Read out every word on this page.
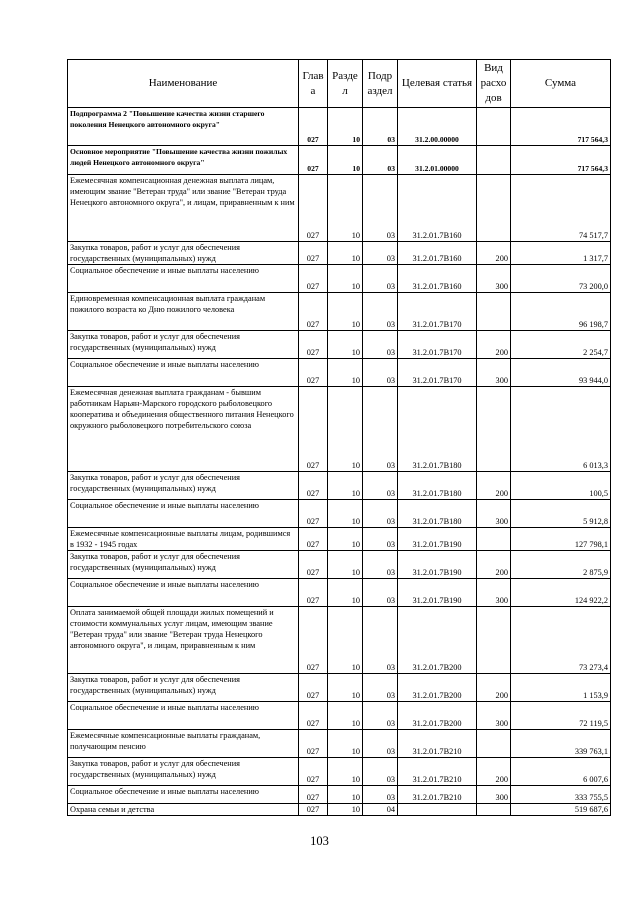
Наименование	Глав а	Разде л	Подр аздел	Целевая статья	Вид расхо дов	Сумма
Подпрограмма 2 "Повышение качества жизни старшего поколения Ненецкого автономного округа"	027	10	03	31.2.00.00000		717 564,3
Основное мероприятие "Повышение качества жизни пожилых людей Ненецкого автономного округа"	027	10	03	31.2.01.00000		717 564,3
Ежемесячная компенсационная денежная выплата лицам, имеющим звание "Ветеран труда" или звание "Ветеран труда Ненецкого автономного округа", и лицам, приравненным к ним	027	10	03	31.2.01.7В160		74 517,7
Закупка товаров, работ и услуг для обеспечения государственных (муниципальных) нужд	027	10	03	31.2.01.7В160	200	1 317,7
Социальное обеспечение и иные выплаты населению	027	10	03	31.2.01.7В160	300	73 200,0
Единовременная компенсационная выплата гражданам пожилого возраста ко Дню пожилого человека	027	10	03	31.2.01.7В170		96 198,7
Закупка товаров, работ и услуг для обеспечения государственных (муниципальных) нужд	027	10	03	31.2.01.7В170	200	2 254,7
Социальное обеспечение и иные выплаты населению	027	10	03	31.2.01.7В170	300	93 944,0
Ежемесячная денежная выплата гражданам - бывшим работникам Нарьян-Марского городского рыболовецкого кооператива и объединения общественного питания Ненецкого окружного рыболовецкого потребительского союза	027	10	03	31.2.01.7В180		6 013,3
Закупка товаров, работ и услуг для обеспечения государственных (муниципальных) нужд	027	10	03	31.2.01.7В180	200	100,5
Социальное обеспечение и иные выплаты населению	027	10	03	31.2.01.7В180	300	5 912,8
Ежемесячные компенсационные выплаты лицам, родившимся в 1932 - 1945 годах	027	10	03	31.2.01.7В190		127 798,1
Закупка товаров, работ и услуг для обеспечения государственных (муниципальных) нужд	027	10	03	31.2.01.7В190	200	2 875,9
Социальное обеспечение и иные выплаты населению	027	10	03	31.2.01.7В190	300	124 922,2
Оплата занимаемой общей площади жилых помещений и стоимости коммунальных услуг лицам, имеющим звание "Ветеран труда" или звание "Ветеран труда Ненецкого автономного округа", и лицам, приравненным к ним	027	10	03	31.2.01.7В200		73 273,4
Закупка товаров, работ и услуг для обеспечения государственных (муниципальных) нужд	027	10	03	31.2.01.7В200	200	1 153,9
Социальное обеспечение и иные выплаты населению	027	10	03	31.2.01.7В200	300	72 119,5
Ежемесячные компенсационные выплаты гражданам, получающим пенсию	027	10	03	31.2.01.7В210		339 763,1
Закупка товаров, работ и услуг для обеспечения государственных (муниципальных) нужд	027	10	03	31.2.01.7В210	200	6 007,6
Социальное обеспечение и иные выплаты населению	027	10	03	31.2.01.7В210	300	333 755,5
Охрана семьи и детства	027	10	04			519 687,6
103
